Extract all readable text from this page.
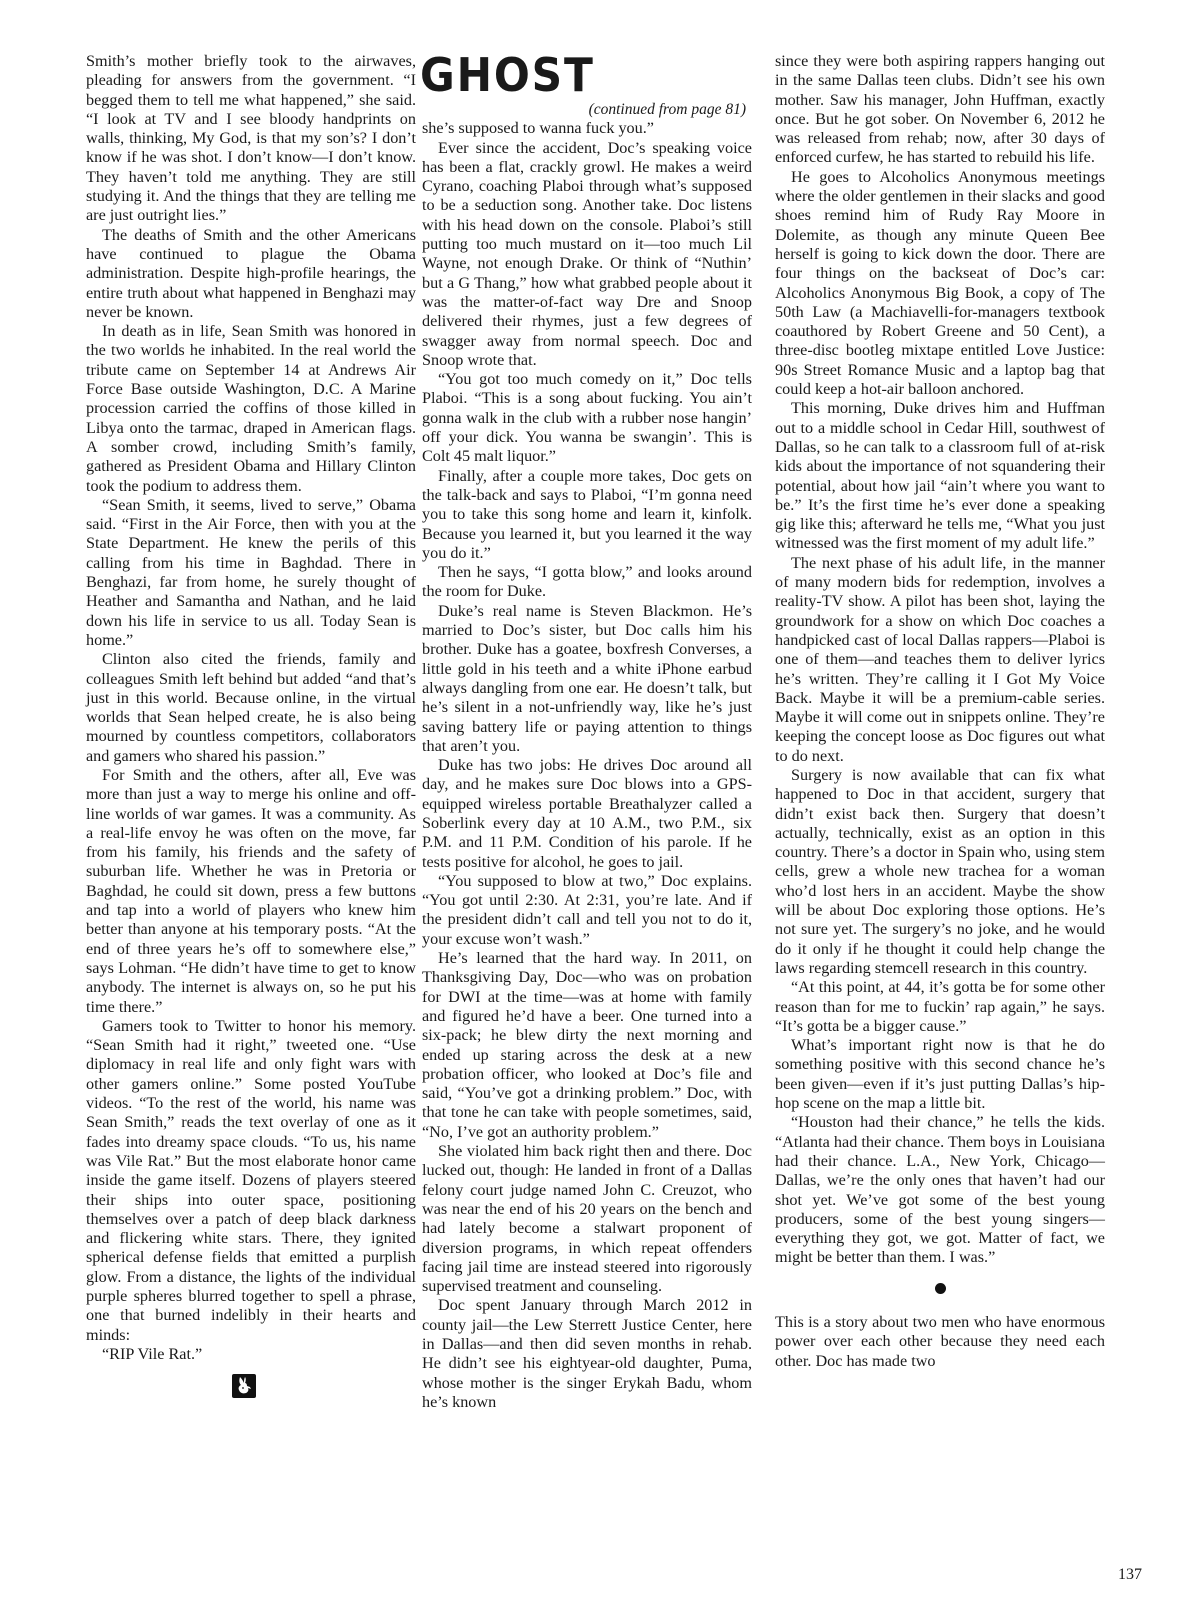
Smith’s mother briefly took to the airwaves, pleading for answers from the government. “I begged them to tell me what happened,” she said. “I look at TV and I see bloody handprints on walls, thinking, My God, is that my son’s? I don’t know if he was shot. I don’t know—I don’t know. They haven’t told me anything. They are still studying it. And the things that they are telling me are just outright lies.”

The deaths of Smith and the other Americans have continued to plague the Obama administration. Despite high-profile hearings, the entire truth about what happened in Benghazi may never be known.

In death as in life, Sean Smith was honored in the two worlds he inhabited. In the real world the tribute came on September 14 at Andrews Air Force Base outside Washington, D.C. A Marine procession carried the coffins of those killed in Libya onto the tarmac, draped in American flags. A somber crowd, including Smith’s family, gathered as President Obama and Hillary Clinton took the podium to address them.

“Sean Smith, it seems, lived to serve,” Obama said. “First in the Air Force, then with you at the State Department. He knew the perils of this calling from his time in Baghdad. There in Benghazi, far from home, he surely thought of Heather and Samantha and Nathan, and he laid down his life in service to us all. Today Sean is home.”

Clinton also cited the friends, family and colleagues Smith left behind but added “and that’s just in this world. Because online, in the virtual worlds that Sean helped create, he is also being mourned by countless competitors, collaborators and gamers who shared his passion.”

For Smith and the others, after all, Eve was more than just a way to merge his online and off-line worlds of war games. It was a community. As a real-life envoy he was often on the move, far from his family, his friends and the safety of suburban life. Whether he was in Pretoria or Baghdad, he could sit down, press a few buttons and tap into a world of players who knew him better than anyone at his temporary posts. “At the end of three years he’s off to somewhere else,” says Lohman. “He didn’t have time to get to know anybody. The internet is always on, so he put his time there.”

Gamers took to Twitter to honor his memory. “Sean Smith had it right,” tweeted one. “Use diplomacy in real life and only fight wars with other gamers online.” Some posted YouTube videos. “To the rest of the world, his name was Sean Smith,” reads the text overlay of one as it fades into dreamy space clouds. “To us, his name was Vile Rat.” But the most elaborate honor came inside the game itself. Dozens of players steered their ships into outer space, positioning themselves over a patch of deep black darkness and flickering white stars. There, they ignited spherical defense fields that emitted a purplish glow. From a distance, the lights of the individual purple spheres blurred together to spell a phrase, one that burned indelibly in their hearts and minds:

“RIP Vile Rat.”

GHOST
(continued from page 81)

she’s supposed to wanna fuck you.”

Ever since the accident, Doc’s speaking voice has been a flat, crackly growl. He makes a weird Cyrano, coaching Plaboi through what’s supposed to be a seduction song. Another take. Doc listens with his head down on the console. Plaboi’s still putting too much mustard on it—too much Lil Wayne, not enough Drake. Or think of “Nuthin’ but a G Thang,” how what grabbed people about it was the matter-of-fact way Dre and Snoop delivered their rhymes, just a few degrees of swagger away from normal speech. Doc and Snoop wrote that.

“You got too much comedy on it,” Doc tells Plaboi. “This is a song about fucking. You ain’t gonna walk in the club with a rubber nose hangin’ off your dick. You wanna be swangin’. This is Colt 45 malt liquor.”

Finally, after a couple more takes, Doc gets on the talk-back and says to Plaboi, “I’m gonna need you to take this song home and learn it, kinfolk. Because you learned it, but you learned it the way you do it.”

Then he says, “I gotta blow,” and looks around the room for Duke.

Duke’s real name is Steven Blackmon. He’s married to Doc’s sister, but Doc calls him his brother. Duke has a goatee, boxfresh Converses, a little gold in his teeth and a white iPhone earbud always dangling from one ear. He doesn’t talk, but he’s silent in a not-unfriendly way, like he’s just saving battery life or paying attention to things that aren’t you.

Duke has two jobs: He drives Doc around all day, and he makes sure Doc blows into a GPS-equipped wireless portable Breathalyzer called a Soberlink every day at 10 A.M., two P.M., six P.M. and 11 P.M. Condition of his parole. If he tests positive for alcohol, he goes to jail.

“You supposed to blow at two,” Doc explains. “You got until 2:30. At 2:31, you’re late. And if the president didn’t call and tell you not to do it, your excuse won’t wash.”

He’s learned that the hard way. In 2011, on Thanksgiving Day, Doc—who was on probation for DWI at the time—was at home with family and figured he’d have a beer. One turned into a six-pack; he blew dirty the next morning and ended up staring across the desk at a new probation officer, who looked at Doc’s file and said, “You’ve got a drinking problem.” Doc, with that tone he can take with people sometimes, said, “No, I’ve got an authority problem.”

She violated him back right then and there. Doc lucked out, though: He landed in front of a Dallas felony court judge named John C. Creuzot, who was near the end of his 20 years on the bench and had lately become a stalwart proponent of diversion programs, in which repeat offenders facing jail time are instead steered into rigorously supervised treatment and counseling.

Doc spent January through March 2012 in county jail—the Lew Sterrett Justice Center, here in Dallas—and then did seven months in rehab. He didn’t see his eightyear-old daughter, Puma, whose mother is the singer Erykah Badu, whom he’s known

since they were both aspiring rappers hanging out in the same Dallas teen clubs. Didn’t see his own mother. Saw his manager, John Huffman, exactly once. But he got sober. On November 6, 2012 he was released from rehab; now, after 30 days of enforced curfew, he has started to rebuild his life.

He goes to Alcoholics Anonymous meetings where the older gentlemen in their slacks and good shoes remind him of Rudy Ray Moore in Dolemite, as though any minute Queen Bee herself is going to kick down the door. There are four things on the backseat of Doc’s car: Alcoholics Anonymous Big Book, a copy of The 50th Law (a Machiavelli-for-managers textbook coauthored by Robert Greene and 50 Cent), a three-disc bootleg mixtape entitled Love Justice: 90s Street Romance Music and a laptop bag that could keep a hot-air balloon anchored.

This morning, Duke drives him and Huffman out to a middle school in Cedar Hill, southwest of Dallas, so he can talk to a classroom full of at-risk kids about the importance of not squandering their potential, about how jail “ain’t where you want to be.” It’s the first time he’s ever done a speaking gig like this; afterward he tells me, “What you just witnessed was the first moment of my adult life.”

The next phase of his adult life, in the manner of many modern bids for redemption, involves a reality-TV show. A pilot has been shot, laying the groundwork for a show on which Doc coaches a handpicked cast of local Dallas rappers—Plaboi is one of them—and teaches them to deliver lyrics he’s written. They’re calling it I Got My Voice Back. Maybe it will be a premium-cable series. Maybe it will come out in snippets online. They’re keeping the concept loose as Doc figures out what to do next.

Surgery is now available that can fix what happened to Doc in that accident, surgery that didn’t exist back then. Surgery that doesn’t actually, technically, exist as an option in this country. There’s a doctor in Spain who, using stem cells, grew a whole new trachea for a woman who’d lost hers in an accident. Maybe the show will be about Doc exploring those options. He’s not sure yet. The surgery’s no joke, and he would do it only if he thought it could help change the laws regarding stemcell research in this country.

“At this point, at 44, it’s gotta be for some other reason than for me to fuckin’ rap again,” he says. “It’s gotta be a bigger cause.”

What’s important right now is that he do something positive with this second chance he’s been given—even if it’s just putting Dallas’s hip-hop scene on the map a little bit.

“Houston had their chance,” he tells the kids. “Atlanta had their chance. Them boys in Louisiana had their chance. L.A., New York, Chicago—Dallas, we’re the only ones that haven’t had our shot yet. We’ve got some of the best young producers, some of the best young singers—everything they got, we got. Matter of fact, we might be better than them. I was.”

This is a story about two men who have enormous power over each other because they need each other. Doc has made two

137
